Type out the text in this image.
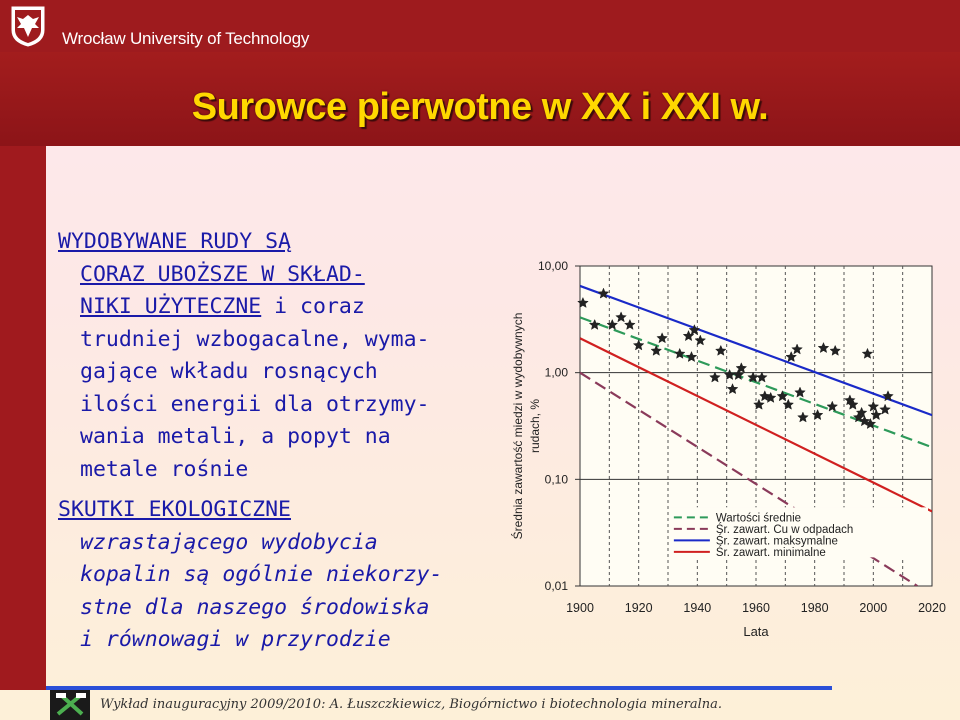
Wrocław University of Technology
Surowce pierwotne w XX i XXI w.
WYDOBYWANE RUDY SĄ
CORAZ UBOŻSZE W SKŁAD-
NIKI UŻYTECZNE i coraz
trudniej wzbogacalne, wyma-
gające wkładu rosnących
ilości energii dla otrzymy-
wania metali, a popyt na
metale rośnie
SKUTKI EKOLOGICZNE
wzrastającego wydobycia
kopalin są ogólnie niekorzy-
stne dla naszego środowiska
i równowagi w przyrodzie
0,01
0,10
1,00
10,00
1900 1920 1940 1960 1980 2000 2020
Lata
Średnia zawartość miedzi w wydobywnych rudach, %
Wartości średnie
Śr. zawart. Cu w odpadach
Śr. zawart. maksymalne
Śr. zawart. minimalne
Wykład inauguracyjny 2009/2010: A. Łuszczkiewicz, Biogórnictwo i biotechnologia mineralna.
